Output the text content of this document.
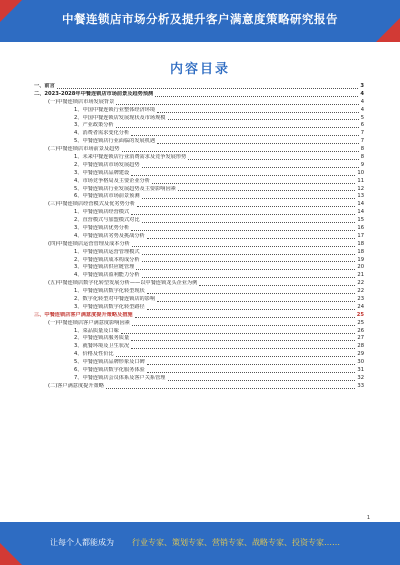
中餐连锁店市场分析及提升客户满意度策略研究报告
内容目录
一、前言	3
二、2023-2028年中餐连锁店市场前景及趋势预测	4
(一)中餐连锁店市场发展背景	4
1、中国中餐连锁行业整体经济环境	4
2、中国中餐连锁店发展现状及市场规模	5
3、产业政策分析	6
4、消费者需求变化分析	7
5、中餐连锁店行业面临的发展机遇	7
(二)中餐连锁店市场前景及趋势	8
1、未来中餐连锁店行业消费需求及竞争发展形势	8
2、中餐连锁店市场发展趋势	9
3、中餐连锁店品牌建设	10
4、市场竞争格局及主要企业分析	11
5、中餐连锁店行业发展趋势及主要影响因素	12
6、中餐连锁店市场前景预测	13
(三)中餐连锁店经营模式及优劣势分析	14
1、中餐连锁店经营模式	14
2、直营模式与加盟模式对比	15
3、中餐连锁店优势分析	16
4、中餐连锁店劣势及挑战分析	17
(四)中餐连锁店运营管理及成本分析	18
1、中餐连锁店运营管理模式	18
2、中餐连锁店成本构成分析	19
3、中餐连锁店供应链管理	20
4、中餐连锁店盈利能力分析	21
(五)中餐连锁店数字化转型发展分析——以中餐连锁龙头企业为例	22
1、中餐连锁店数字化转型现状	22
2、数字化转型对中餐连锁店的影响	23
3、中餐连锁店数字化转型路径	24
三、中餐连锁店客户满意度提升策略及措施	25
(一)中餐连锁店客户满意度影响因素	25
1、菜品质量及口味	26
2、中餐连锁店服务质量	27
3、就餐环境及卫生状况	28
4、价格及性价比	29
5、中餐连锁店品牌形象及口碑	30
6、中餐连锁店数字化服务体验	31
7、中餐连锁店会员体系及客户关系管理	32
(二)客户满意度提升策略	33
1
让每个人都能成为 行业专家、策划专家、营销专家、战略专家、投资专家……
